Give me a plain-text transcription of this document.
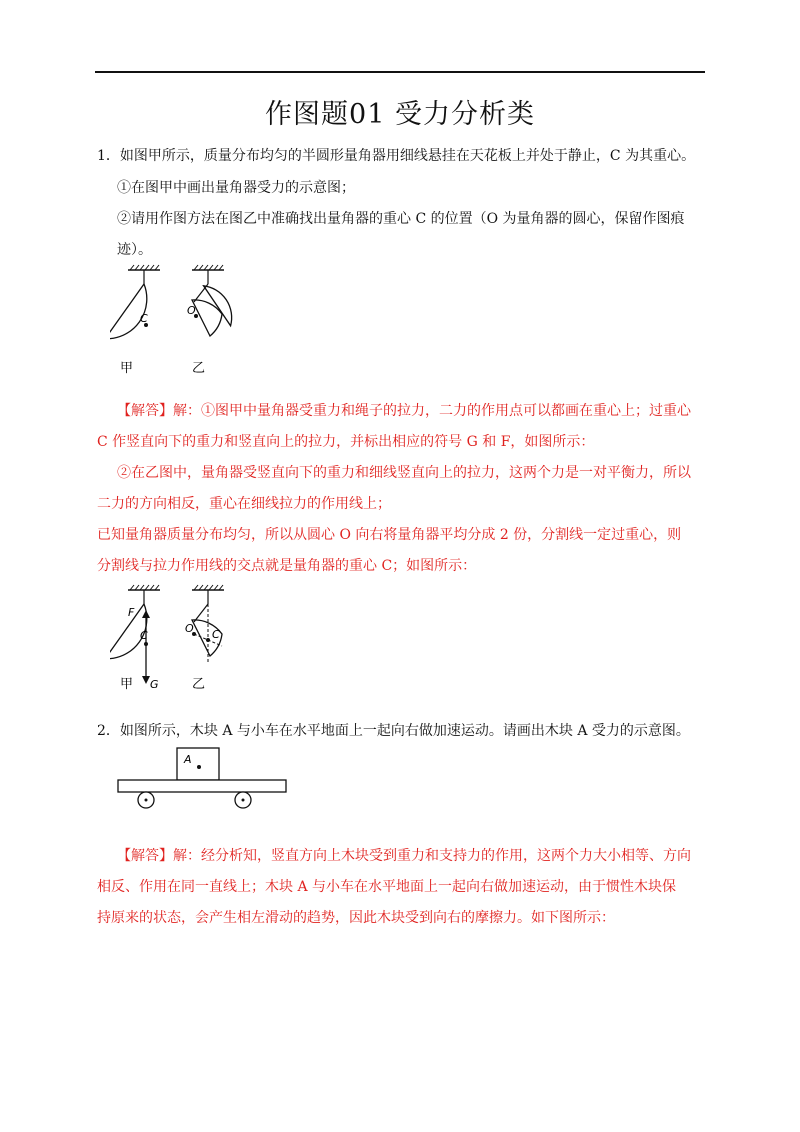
作图题01 受力分析类
1．如图甲所示，质量分布均匀的半圆形量角器用细线悬挂在天花板上并处于静止，C 为其重心。
①在图甲中画出量角器受力的示意图；
②请用作图方法在图乙中准确找出量角器的重心 C 的位置（O 为量角器的圆心，保留作图痕
迹）。
C
甲
O
乙
【解答】解：①图甲中量角器受重力和绳子的拉力，二力的作用点可以都画在重心上；过重心
C 作竖直向下的重力和竖直向上的拉力，并标出相应的符号 G 和 F，如图所示：
②在乙图中，量角器受竖直向下的重力和细线竖直向上的拉力，这两个力是一对平衡力，所以
二力的方向相反，重心在细线拉力的作用线上；
已知量角器质量分布均匀，所以从圆心 O 向右将量角器平均分成 2 份，分割线一定过重心，则
分割线与拉力作用线的交点就是量角器的重心 C；如图所示：
F
C
甲 G
O C
乙
2．如图所示，木块 A 与小车在水平地面上一起向右做加速运动。请画出木块 A 受力的示意图。
A
【解答】解：经分析知，竖直方向上木块受到重力和支持力的作用，这两个力大小相等、方向
相反、作用在同一直线上；木块 A 与小车在水平地面上一起向右做加速运动，由于惯性木块保
持原来的状态，会产生相左滑动的趋势，因此木块受到向右的摩擦力。如下图所示：
